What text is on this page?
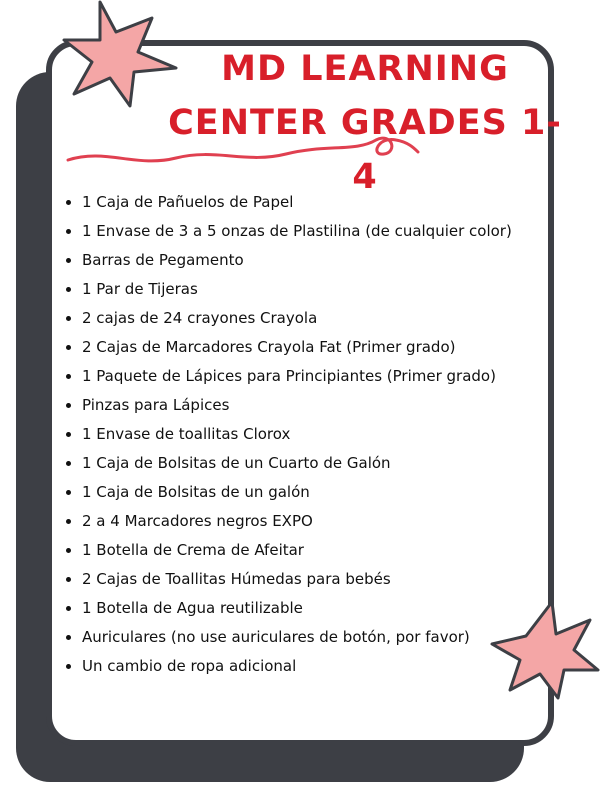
MD LEARNING
CENTER GRADES 1-4
• 1 Caja de Pañuelos de Papel
• 1 Envase de 3 a 5 onzas de Plastilina (de cualquier color)
• Barras de Pegamento
• 1 Par de Tijeras
• 2 cajas de 24 crayones Crayola
• 2 Cajas de Marcadores Crayola Fat (Primer grado)
• 1 Paquete de Lápices para Principiantes (Primer grado)
• Pinzas para Lápices
• 1 Envase de toallitas Clorox
• 1 Caja de Bolsitas de un Cuarto de Galón
• 1 Caja de Bolsitas de un galón
• 2 a 4 Marcadores negros EXPO
• 1 Botella de Crema de Afeitar
• 2 Cajas de Toallitas Húmedas para bebés
• 1 Botella de Agua reutilizable
• Auriculares (no use auriculares de botón, por favor)
• Un cambio de ropa adicional
